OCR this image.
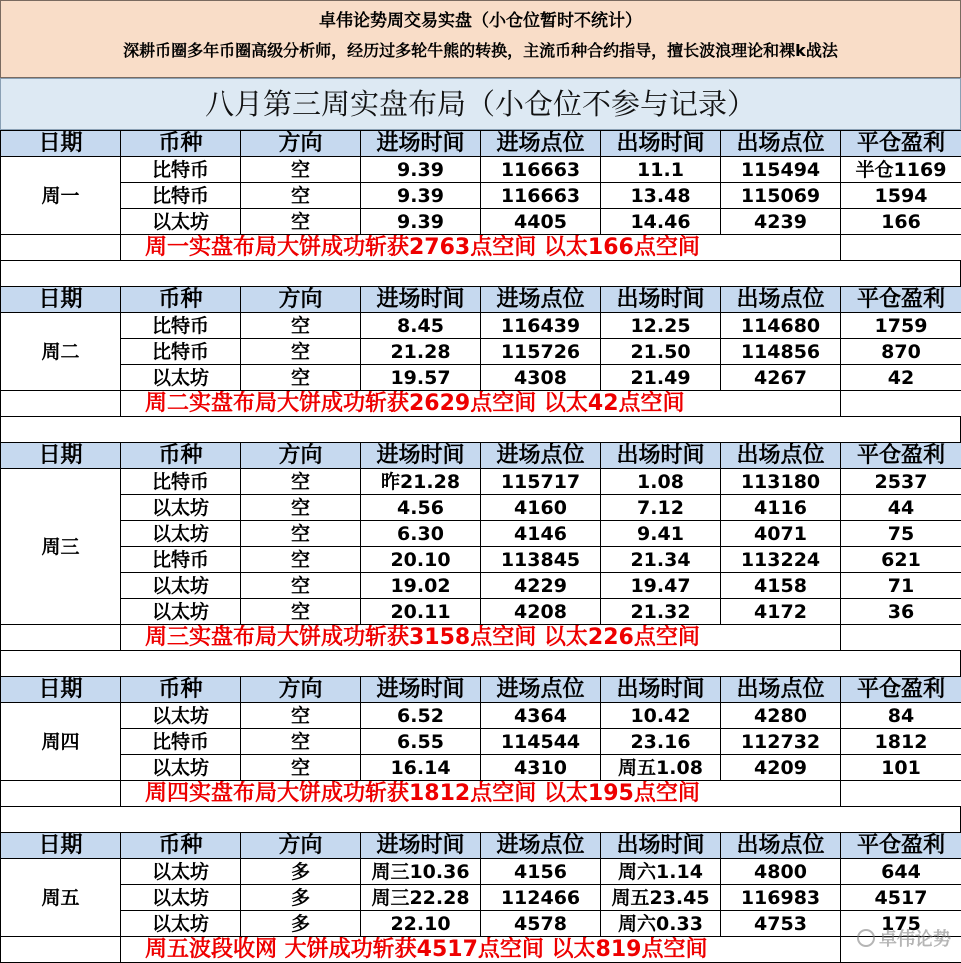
卓伟论势周交易实盘（小仓位暂时不统计）
深耕币圈多年币圈高级分析师，经历过多轮牛熊的转换，主流币种合约指导，擅长波浪理论和裸k战法
八月第三周实盘布局（小仓位不参与记录）
日期	币种	方向	进场时间	进场点位	出场时间	出场点位	平仓盈利
周一	比特币	空	9.39	116663	11.1	115494	半仓1169
	比特币	空	9.39	116663	13.48	115069	1594
	以太坊	空	9.39	4405	14.46	4239	166
	周一实盘布局大饼成功斩获2763点空间 以太166点空间						
日期	币种	方向	进场时间	进场点位	出场时间	出场点位	平仓盈利
周二	比特币	空	8.45	116439	12.25	114680	1759
	比特币	空	21.28	115726	21.50	114856	870
	以太坊	空	19.57	4308	21.49	4267	42
	周二实盘布局大饼成功斩获2629点空间 以太42点空间						
日期	币种	方向	进场时间	进场点位	出场时间	出场点位	平仓盈利
周三	比特币	空	昨21.28	115717	1.08	113180	2537
	以太坊	空	4.56	4160	7.12	4116	44
	以太坊	空	6.30	4146	9.41	4071	75
	比特币	空	20.10	113845	21.34	113224	621
	以太坊	空	19.02	4229	19.47	4158	71
	以太坊	空	20.11	4208	21.32	4172	36
	周三实盘布局大饼成功斩获3158点空间 以太226点空间						
日期	币种	方向	进场时间	进场点位	出场时间	出场点位	平仓盈利
周四	以太坊	空	6.52	4364	10.42	4280	84
	比特币	空	6.55	114544	23.16	112732	1812
	以太坊	空	16.14	4310	周五1.08	4209	101
	周四实盘布局大饼成功斩获1812点空间 以太195点空间						
日期	币种	方向	进场时间	进场点位	出场时间	出场点位	平仓盈利
周五	以太坊	多	周三10.36	4156	周六1.14	4800	644
	以太坊	多	周三22.28	112466	周五23.45	116983	4517
	以太坊	多	22.10	4578	周六0.33	4753	175
	周五波段收网 大饼成功斩获4517点空间 以太819点空间							卓伟论势
